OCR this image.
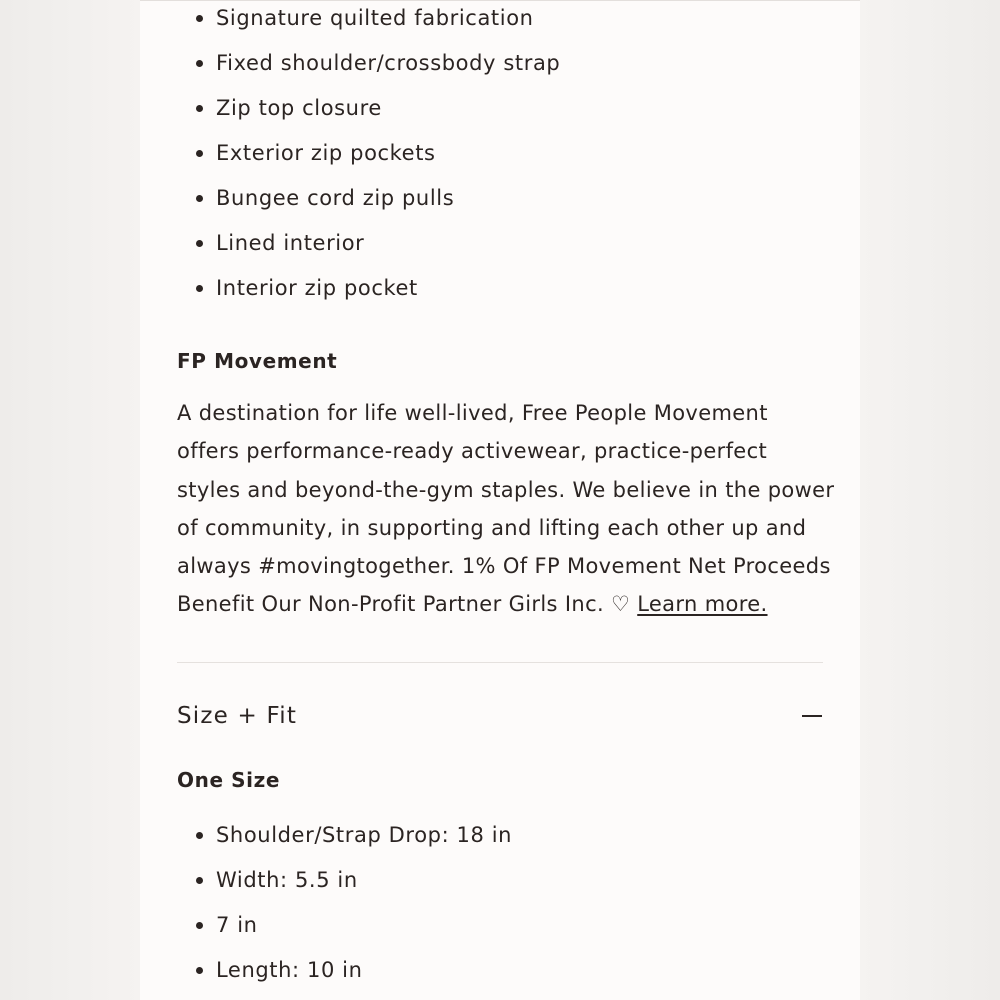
Signature quilted fabrication
Fixed shoulder/crossbody strap
Zip top closure
Exterior zip pockets
Bungee cord zip pulls
Lined interior
Interior zip pocket
FP Movement

A destination for life well-lived, Free People Movement offers performance-ready activewear, practice-perfect styles and beyond-the-gym staples. We believe in the power of community, in supporting and lifting each other up and always #movingtogether. 1% Of FP Movement Net Proceeds Benefit Our Non-Profit Partner Girls Inc. ♡ Learn more.

Size + Fit
One Size
Shoulder/Strap Drop: 18 in
Width: 5.5 in
7 in
Length: 10 in
